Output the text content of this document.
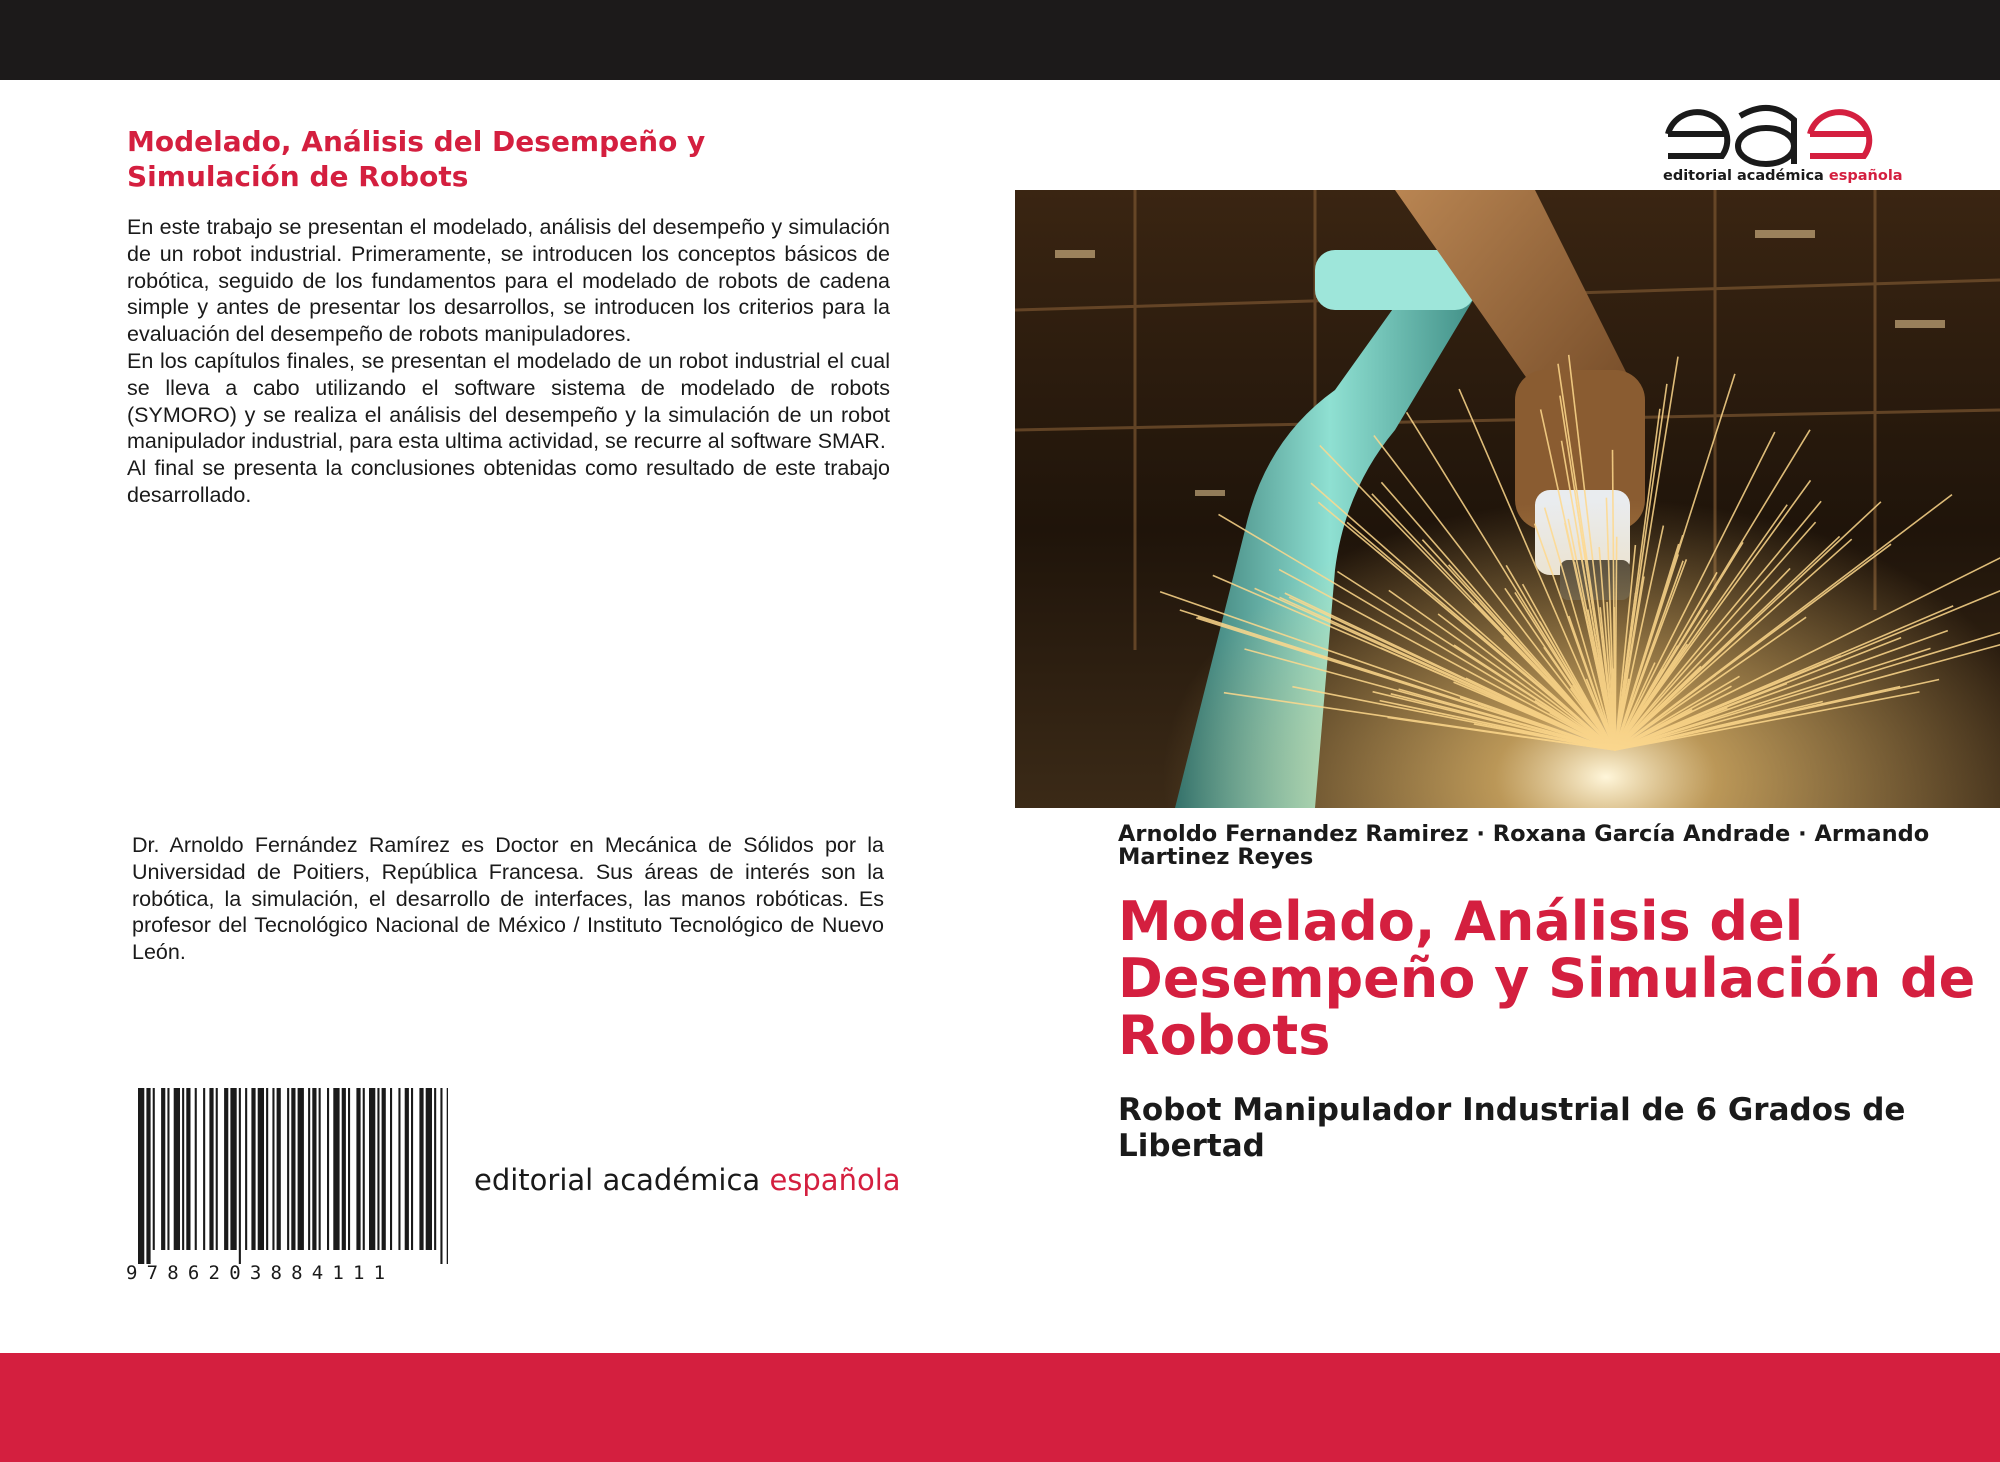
Modelado, Análisis del Desempeño y Simulación de Robots

En este trabajo se presentan el modelado, análisis del desempeño y simulación de un robot industrial. Primeramente, se introducen los conceptos básicos de robótica, seguido de los fundamentos para el modelado de robots de cadena simple y antes de presentar los desarrollos, se introducen los criterios para la evaluación del desempeño de robots manipuladores.

En los capítulos finales, se presentan el modelado de un robot industrial el cual se lleva a cabo utilizando el software sistema de modelado de robots (SYMORO) y se realiza el análisis del desempeño y la simulación de un robot manipulador industrial, para esta ultima actividad, se recurre al software SMAR.

Al final se presenta la conclusiones obtenidas como resultado de este trabajo desarrollado.

Dr. Arnoldo Fernández Ramírez es Doctor en Mecánica de Sólidos por la Universidad de Poitiers, República Francesa. Sus áreas de interés son la robótica, la simulación, el desarrollo de interfaces, las manos robóticas. Es profesor del Tecnológico Nacional de México / Instituto Tecnológico de Nuevo León.

9786203884111
editorial académica española
editorial académica española

Arnoldo Fernandez Ramirez · Roxana García Andrade · Armando Martinez Reyes

Modelado, Análisis del Desempeño y Simulación de Robots
Robot Manipulador Industrial de 6 Grados de Libertad
